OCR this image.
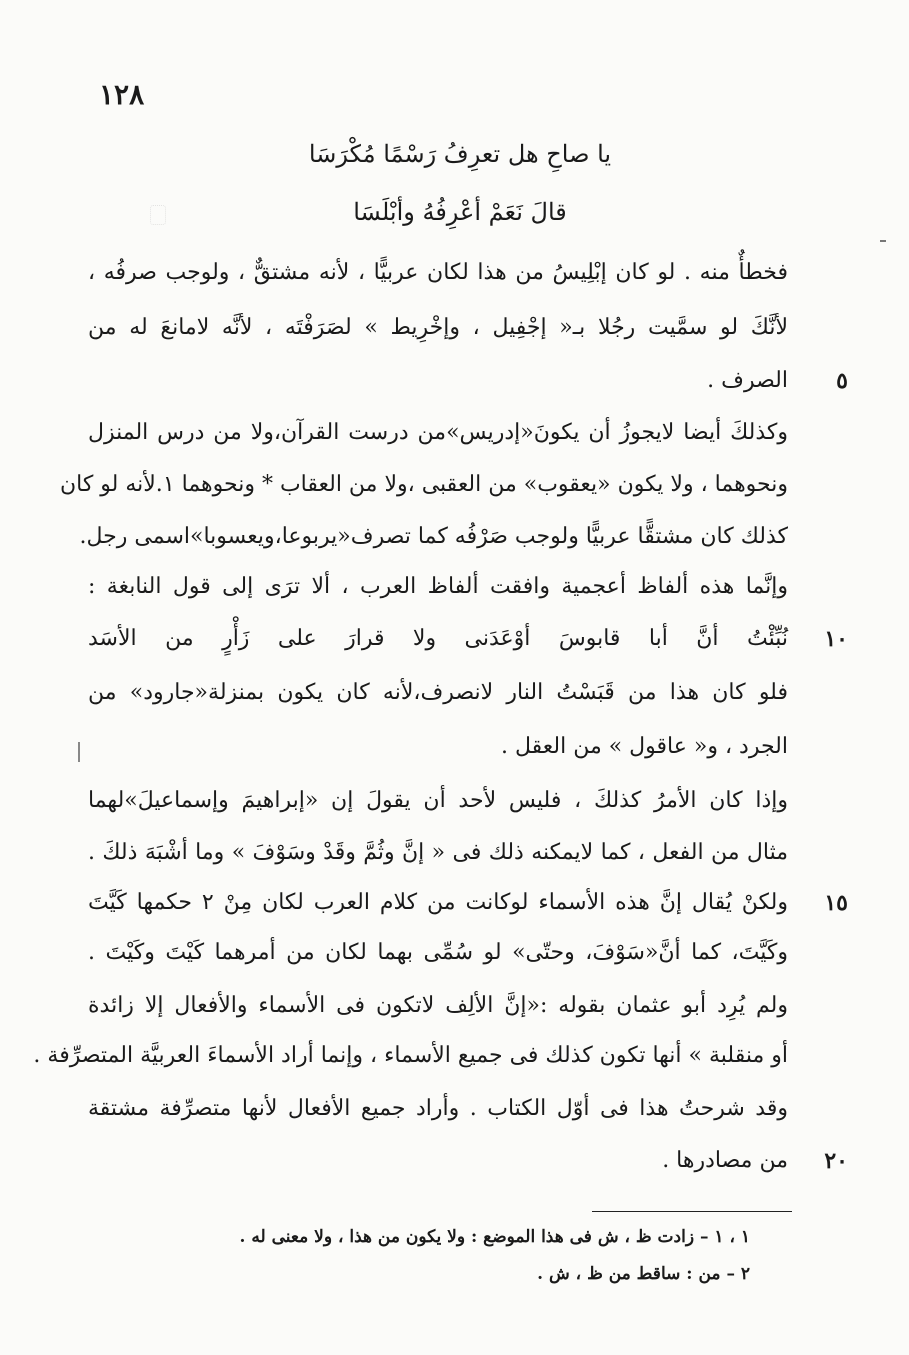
١٢٨
يا صاحِ هل تعرِفُ رَسْمًا مُكْرَسَا
قالَ نَعَمْ أعْرِفُهُ وأبْلَسَا
فخطأٌ منه . لو كان إبْلِيسُ من هذا لكان عربيًّا ، لأنه مشتقٌّ ، ولوجب صرفُه ،
لأنَّكَ لو سمَّيت رجُلا بـ« إجْفِيل ، وإخْرِيط » لصَرَفْتَه ، لأنَّه لامانعَ له من
الصرف .	٥
وكذلكَ أيضا لايجوزُ أن يكونَ«إدريس»من درست القرآن،ولا من درس المنزل
ونحوهما ، ولا يكون «يعقوب» من العقبى ،ولا من العقاب * ونحوهما ١.لأنه لو كان
كذلك كان مشتقًّا عربيًّا ولوجب صَرْفُه كما تصرف«يربوعا،ويعسوبا»اسمى رجل.
وإنَّما هذه ألفاظ أعجمية وافقت ألفاظ العرب ، ألا ترَى إلى قول النابغة :
نُبِّئْتُ أنَّ أبا قابوسَ أوْعَدَنى ولا قرارَ على زَأْرٍ من الأسَد	١٠
فلو كان هذا من قَبَسْتُ النار لانصرف،لأنه كان يكون بمنزلة«جارود» من
الجرد ، و« عاقول » من العقل .
وإذا كان الأمرُ كذلكَ ، فليس لأحد أن يقولَ إن «إبراهيمَ وإسماعيلَ»لهما
مثال من الفعل ، كما لايمكنه ذلك فى « إنَّ وثُمَّ وقَدْ وسَوْفَ » وما أشْبَهَ ذلكَ .
ولكنْ يُقال إنَّ هذه الأسماء لوكانت من كلام العرب لكان مِنْ ٢ حكمها كَيَّتَ	١٥
وكَيَّتَ، كما أنَّ«سَوْفَ، وحتّى» لو سُمِّى بهما لكان من أمرهما كَيْتَ وكَيْتَ .
ولم يُرِد أبو عثمان بقوله :«إنَّ الألِف لاتكون فى الأسماء والأفعال إلا زائدة
أو منقلبة » أنها تكون كذلك فى جميع الأسماء ، وإنما أراد الأسماءَ العربيَّة المتصرِّفة .
وقد شرحتُ هذا فى أوّل الكتاب . وأراد جميع الأفعال لأنها متصرِّفة مشتقة
من مصادرها .	٢٠
١ ، ١ – زادت ظ ، ش فى هذا الموضع : ولا يكون من هذا ، ولا معنى له .
٢ – من : ساقط من ظ ، ش .
